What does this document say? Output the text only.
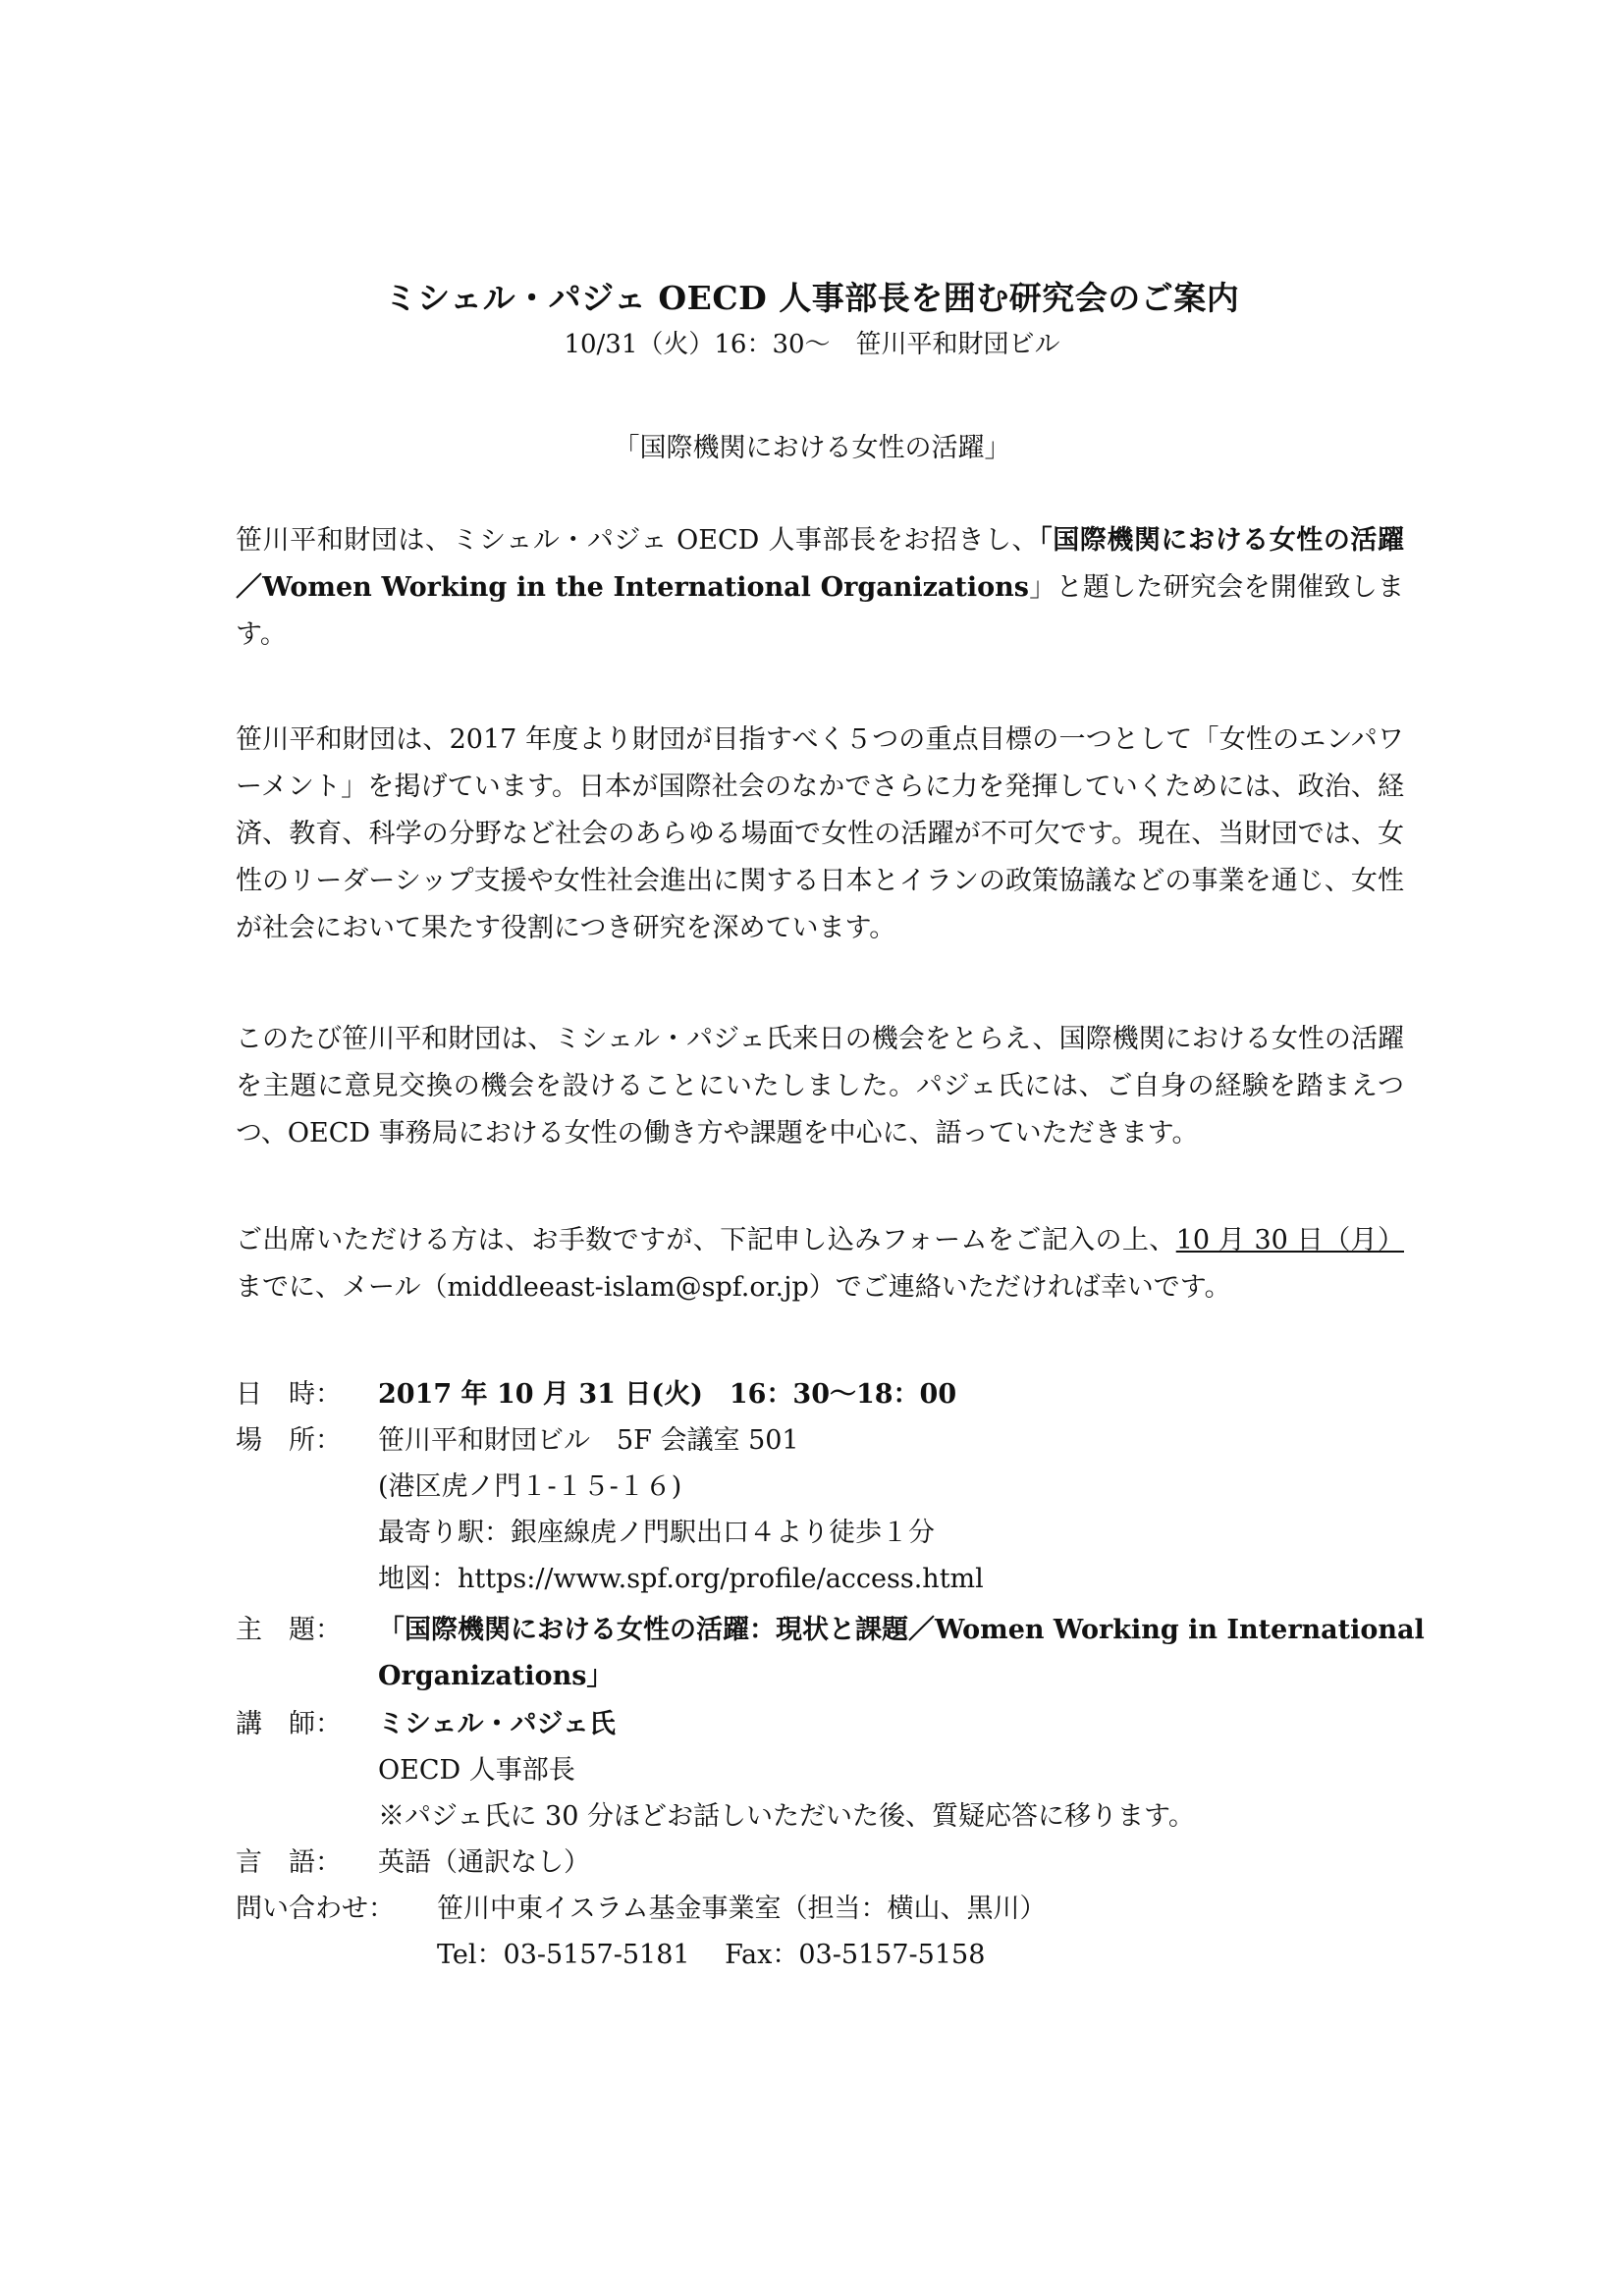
ミシェル・パジェ OECD 人事部長を囲む研究会のご案内
10/31（火）16：30～　笹川平和財団ビル
「国際機関における女性の活躍」

笹川平和財団は、ミシェル・パジェ OECD 人事部長をお招きし、「国際機関における女性の活躍／Women Working in the International Organizations」と題した研究会を開催致します。

笹川平和財団は、2017 年度より財団が目指すべく５つの重点目標の一つとして「女性のエンパワーメント」を掲げています。日本が国際社会のなかでさらに力を発揮していくためには、政治、経済、教育、科学の分野など社会のあらゆる場面で女性の活躍が不可欠です。現在、当財団では、女性のリーダーシップ支援や女性社会進出に関する日本とイランの政策協議などの事業を通じ、女性が社会において果たす役割につき研究を深めています。

このたび笹川平和財団は、ミシェル・パジェ氏来日の機会をとらえ、国際機関における女性の活躍を主題に意見交換の機会を設けることにいたしました。パジェ氏には、ご自身の経験を踏まえつつ、OECD 事務局における女性の働き方や課題を中心に、語っていただきます。

ご出席いただける方は、お手数ですが、下記申し込みフォームをご記入の上、10 月 30 日（月）までに、メール（middleeast-islam@spf.or.jp）でご連絡いただければ幸いです。

日　時： 2017 年 10 月 31 日(火)　16：30～18：00
場　所： 笹川平和財団ビル　5F 会議室 501
(港区虎ノ門１-１５-１６)
最寄り駅：銀座線虎ノ門駅出口４より徒歩１分
地図：https://www.spf.org/profile/access.html
主　題： 「国際機関における女性の活躍：現状と課題／Women Working in International
Organizations」
講　師： ミシェル・パジェ氏
OECD 人事部長
※パジェ氏に 30 分ほどお話しいただいた後、質疑応答に移ります。
言　語： 英語（通訳なし）
問い合わせ： 笹川中東イスラム基金事業室（担当：横山、黒川）
Tel：03-5157-5181　 Fax：03-5157-5158
